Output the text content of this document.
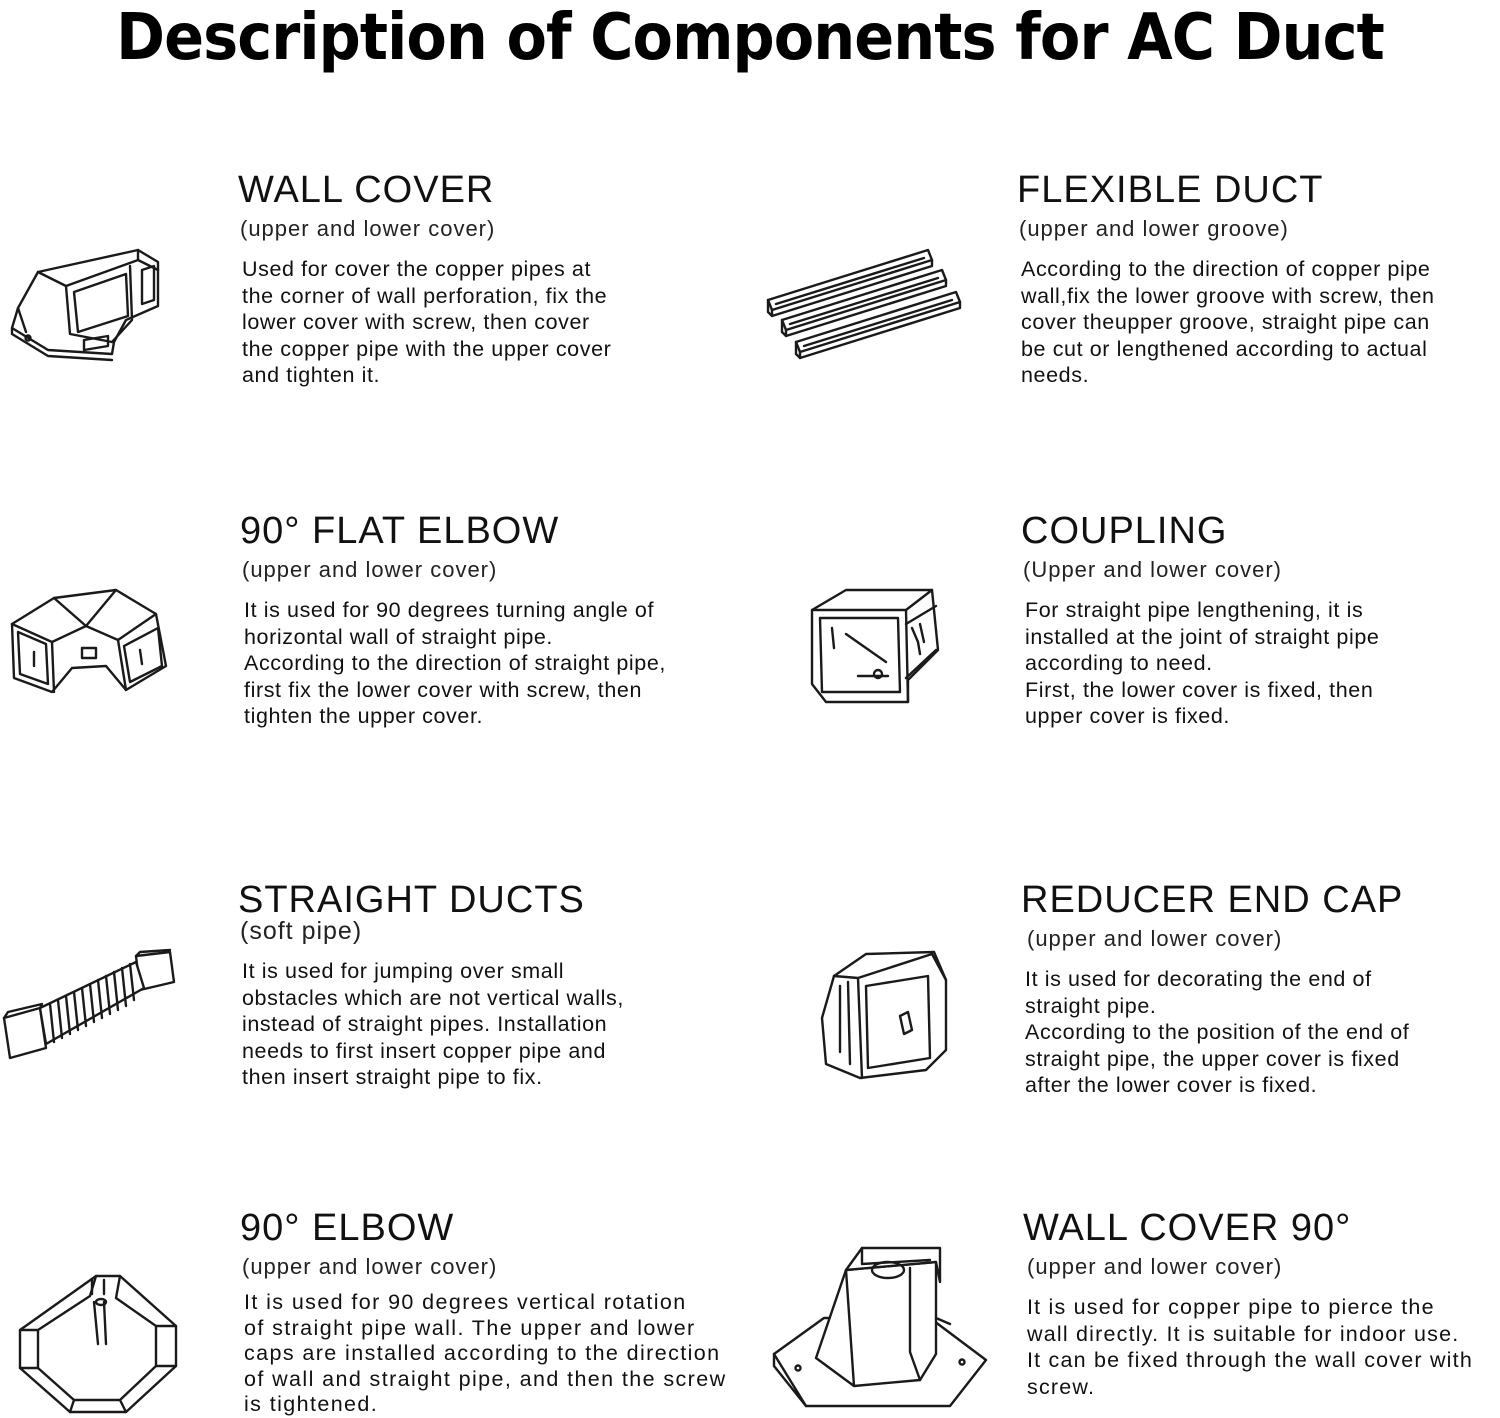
Description of Components for AC Duct
WALL COVER
(upper and lower cover)
Used for cover the copper pipes at
the corner of wall perforation, fix the
lower cover with screw, then cover
the copper pipe with the upper cover
and tighten it.
FLEXIBLE DUCT
(upper and lower groove)
According to the direction of copper pipe
wall,fix the lower groove with screw, then
cover theupper groove, straight pipe can
be cut or lengthened according to actual
needs.
90° FLAT ELBOW
(upper and lower cover)
It is used for 90 degrees turning angle of
horizontal wall of straight pipe.
According to the direction of straight pipe,
first fix the lower cover with screw, then
tighten the upper cover.
COUPLING
(Upper and lower cover)
For straight pipe lengthening, it is
installed at the joint of straight pipe
according to need.
First, the lower cover is fixed, then
upper cover is fixed.
STRAIGHT DUCTS
(soft pipe)
It is used for jumping over small
obstacles which are not vertical walls,
instead of straight pipes. Installation
needs to first insert copper pipe and
then insert straight pipe to fix.
REDUCER END CAP
(upper and lower cover)
It is used for decorating the end of
straight pipe.
According to the position of the end of
straight pipe, the upper cover is fixed
after the lower cover is fixed.
90° ELBOW
(upper and lower cover)
It is used for 90 degrees vertical rotation
of straight pipe wall. The upper and lower
caps are installed according to the direction
of wall and straight pipe, and then the screw
is tightened.
WALL COVER 90°
(upper and lower cover)
It is used for copper pipe to pierce the
wall directly. It is suitable for indoor use.
It can be fixed through the wall cover with
screw.
